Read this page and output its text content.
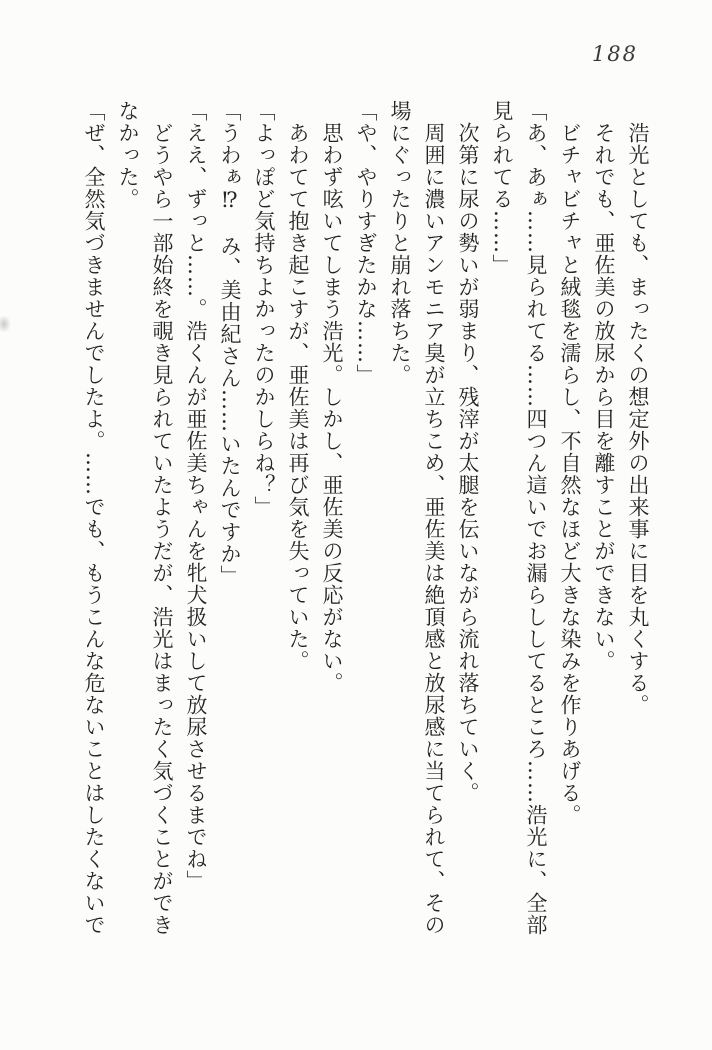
188
浩光としても、まったくの想定外の出来事に目を丸くする。
それでも、亜佐美の放尿から目を離すことができない。
ビチャビチャと絨毯を濡らし、不自然なほど大きな染みを作りあげる。
「あ、あぁ……見られてる……四つん這いでお漏らししてるところ……浩光に、全部
見られてる……」
次第に尿の勢いが弱まり、残滓が太腿を伝いながら流れ落ちていく。
周囲に濃いアンモニア臭が立ちこめ、亜佐美は絶頂感と放尿感に当てられて、その
場にぐったりと崩れ落ちた。
「や、やりすぎたかな……」
思わず呟いてしまう浩光。しかし、亜佐美の反応がない。
あわてて抱き起こすが、亜佐美は再び気を失っていた。
「よっぽど気持ちよかったのかしらね？」
「うわぁ⁉　み、美由紀さん……いたんですか」
「ええ、ずっと……。浩くんが亜佐美ちゃんを牝犬扱いして放尿させるまでね」
どうやら一部始終を覗き見られていたようだが、浩光はまったく気づくことができ
なかった。
「ぜ、全然気づきませんでしたよ。……でも、もうこんな危ないことはしたくないで
